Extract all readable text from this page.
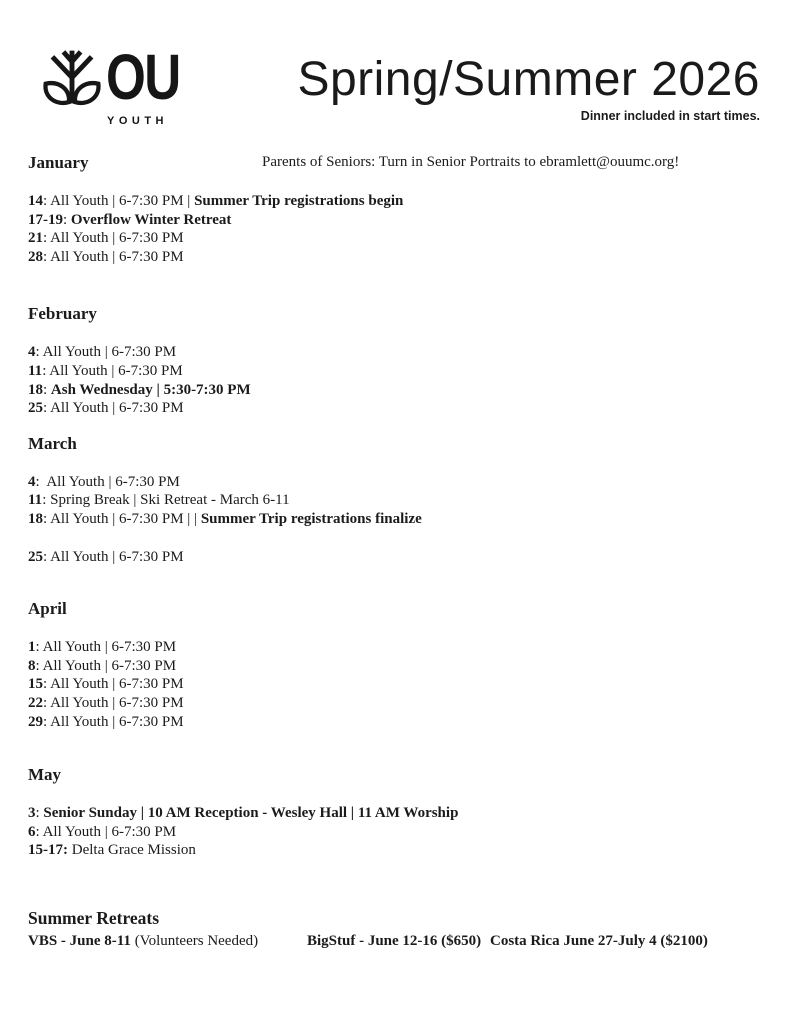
OU
YOUTH
Spring/Summer 2026
Dinner included in start times.
January	Parents of Seniors: Turn in Senior Portraits to ebramlett@ouumc.org!
14: All Youth | 6-7:30 PM | Summer Trip registrations begin
17-19: Overflow Winter Retreat
21: All Youth | 6-7:30 PM
28: All Youth | 6-7:30 PM
February
4: All Youth | 6-7:30 PM
11: All Youth | 6-7:30 PM
18: Ash Wednesday | 5:30-7:30 PM
25: All Youth | 6-7:30 PM
March
4:  All Youth | 6-7:30 PM
11: Spring Break | Ski Retreat - March 6-11
18: All Youth | 6-7:30 PM | | Summer Trip registrations finalize
25: All Youth | 6-7:30 PM
April
1: All Youth | 6-7:30 PM
8: All Youth | 6-7:30 PM
15: All Youth | 6-7:30 PM
22: All Youth | 6-7:30 PM
29: All Youth | 6-7:30 PM
May
3: Senior Sunday | 10 AM Reception - Wesley Hall | 11 AM Worship
6: All Youth | 6-7:30 PM
15-17: Delta Grace Mission
Summer Retreats
VBS - June 8-11 (Volunteers Needed)	BigStuf - June 12-16 ($650) Costa Rica June 27-July 4 ($2100)
